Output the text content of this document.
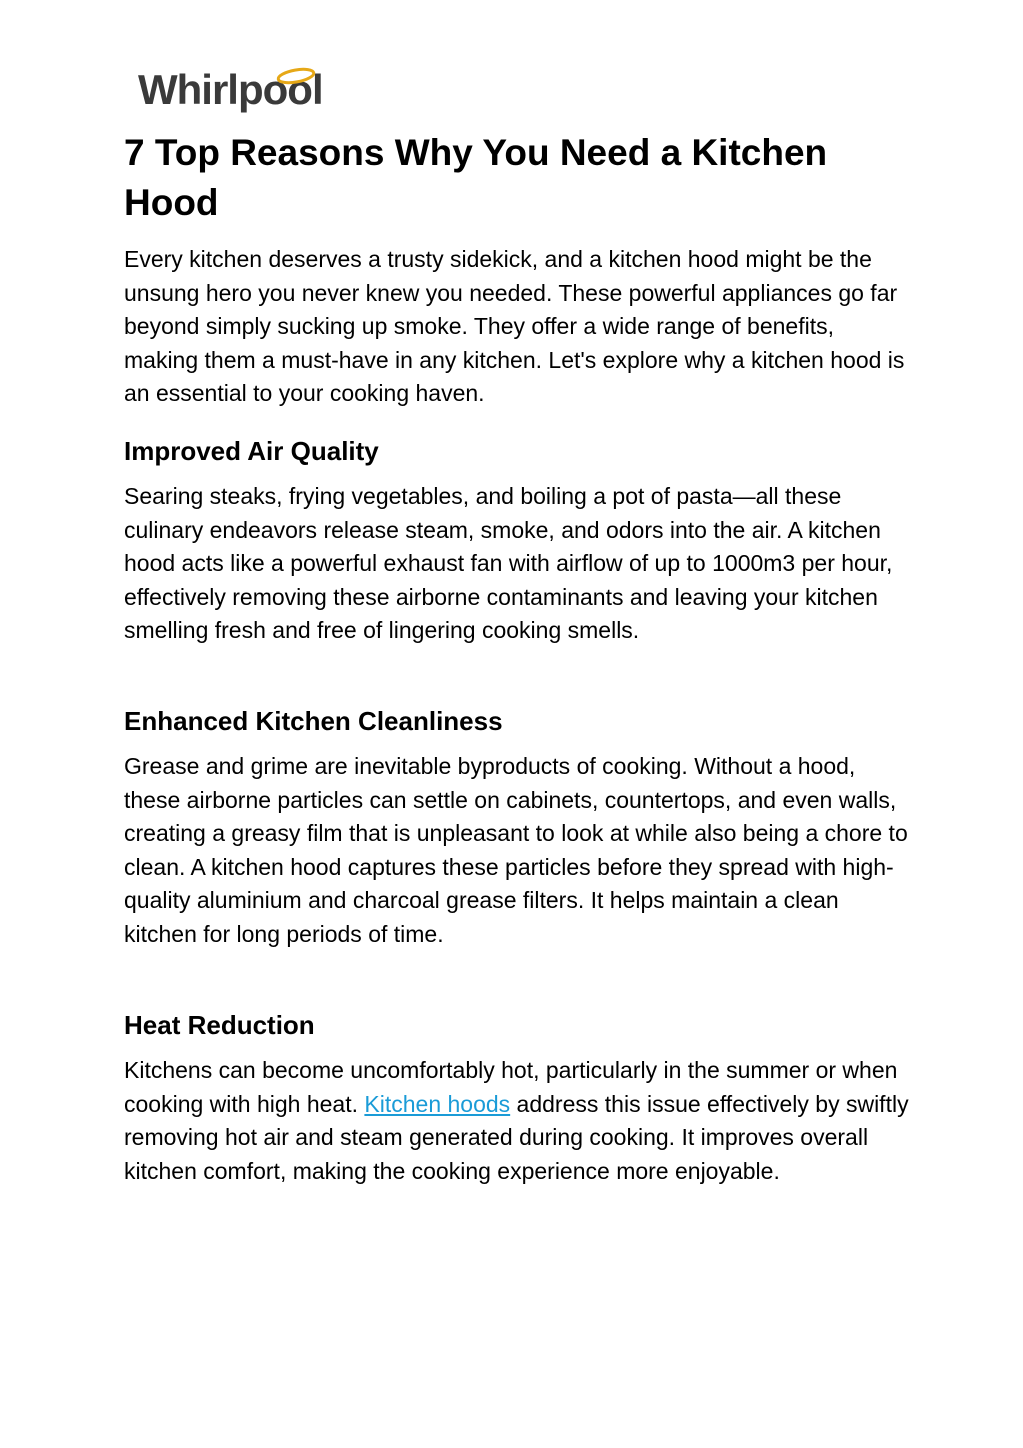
Whirlpool
7 Top Reasons Why You Need a Kitchen Hood

Every kitchen deserves a trusty sidekick, and a kitchen hood might be the unsung hero you never knew you needed. These powerful appliances go far beyond simply sucking up smoke. They offer a wide range of benefits, making them a must-have in any kitchen. Let's explore why a kitchen hood is an essential to your cooking haven.

Improved Air Quality

Searing steaks, frying vegetables, and boiling a pot of pasta—all these culinary endeavors release steam, smoke, and odors into the air. A kitchen hood acts like a powerful exhaust fan with airflow of up to 1000m3 per hour, effectively removing these airborne contaminants and leaving your kitchen smelling fresh and free of lingering cooking smells.

Enhanced Kitchen Cleanliness

Grease and grime are inevitable byproducts of cooking. Without a hood, these airborne particles can settle on cabinets, countertops, and even walls, creating a greasy film that is unpleasant to look at while also being a chore to clean. A kitchen hood captures these particles before they spread with high-quality aluminium and charcoal grease filters. It helps maintain a clean kitchen for long periods of time.

Heat Reduction

Kitchens can become uncomfortably hot, particularly in the summer or when cooking with high heat. Kitchen hoods address this issue effectively by swiftly removing hot air and steam generated during cooking. It improves overall kitchen comfort, making the cooking experience more enjoyable.
